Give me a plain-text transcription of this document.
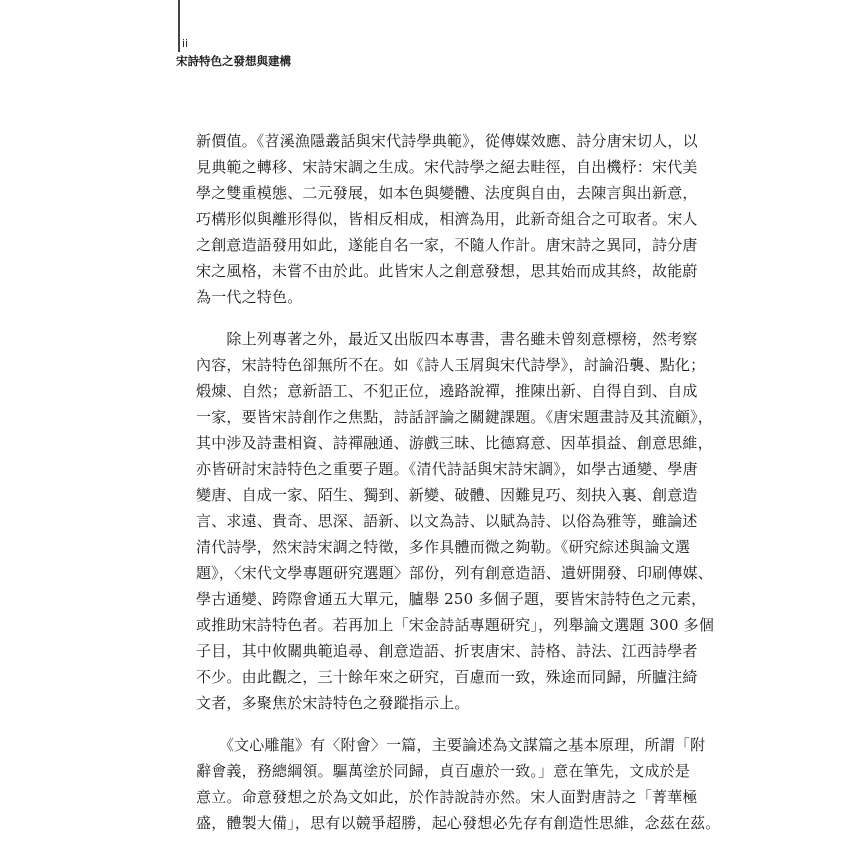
ii
宋詩特色之發想與建構
新價值。《苕溪漁隱叢話與宋代詩學典範》，從傳媒效應、詩分唐宋切人，以
見典範之轉移、宋詩宋調之生成。宋代詩學之絕去畦徑，自出機杼：宋代美
學之雙重模態、二元發展，如本色與變體、法度與自由，去陳言與出新意，
巧構形似與離形得似，皆相反相成，相濟為用，此新奇組合之可取者。宋人
之創意造語發用如此，遂能自名一家，不隨人作計。唐宋詩之異同，詩分唐
宋之風格，未嘗不由於此。此皆宋人之創意發想，思其始而成其終，故能蔚
為一代之特色。
　　除上列專著之外，最近又出版四本專書，書名雖未曾刻意標榜，然考察
內容，宋詩特色卻無所不在。如《詩人玉屑與宋代詩學》，討論沿襲、點化；
煅煉、自然；意新語工、不犯正位，遶路說禪，推陳出新、自得自到、自成
一家，要皆宋詩創作之焦點，詩話評論之關鍵課題。《唐宋題畫詩及其流顧》，
其中涉及詩畫相資、詩禪融通、游戲三昧、比德寫意、因革損益、創意思維，
亦皆研討宋詩特色之重要子題。《清代詩話與宋詩宋調》，如學古通變、學唐
變唐、自成一家、陌生、獨到、新變、破體、因難見巧、刻抉入裏、創意造
言、求遠、貴奇、思深、語新、以文為詩、以賦為詩、以俗為雅等，雖論述
清代詩學，然宋詩宋調之特徵，多作具體而微之夠勒。《研究綜述與論文選
題》，〈宋代文學專題研究選題〉部份，列有創意造語、遺妍開發、印刷傳媒、
學古通變、跨際會通五大單元，臚舉 250 多個子題，要皆宋詩特色之元素，
或推助宋詩特色者。若再加上「宋金詩話專題研究」，列舉論文選題 300 多個
子目，其中攸關典範追尋、創意造語、折衷唐宋、詩格、詩法、江西詩學者
不少。由此觀之，三十餘年來之研究，百慮而一致，殊途而同歸，所臚注綺
文者，多聚焦於宋詩特色之發蹤指示上。
　　《文心雕龍》有〈附會〉一篇，主要論述為文謀篇之基本原理，所謂「附
辭會義，務總綱領。驅萬塗於同歸，貞百慮於一致。」意在筆先，文成於是
意立。命意發想之於為文如此，於作詩說詩亦然。宋人面對唐詩之「菁華極
盛，體製大備」，思有以競爭超勝，起心發想必先存有創造性思維，念茲在茲。
